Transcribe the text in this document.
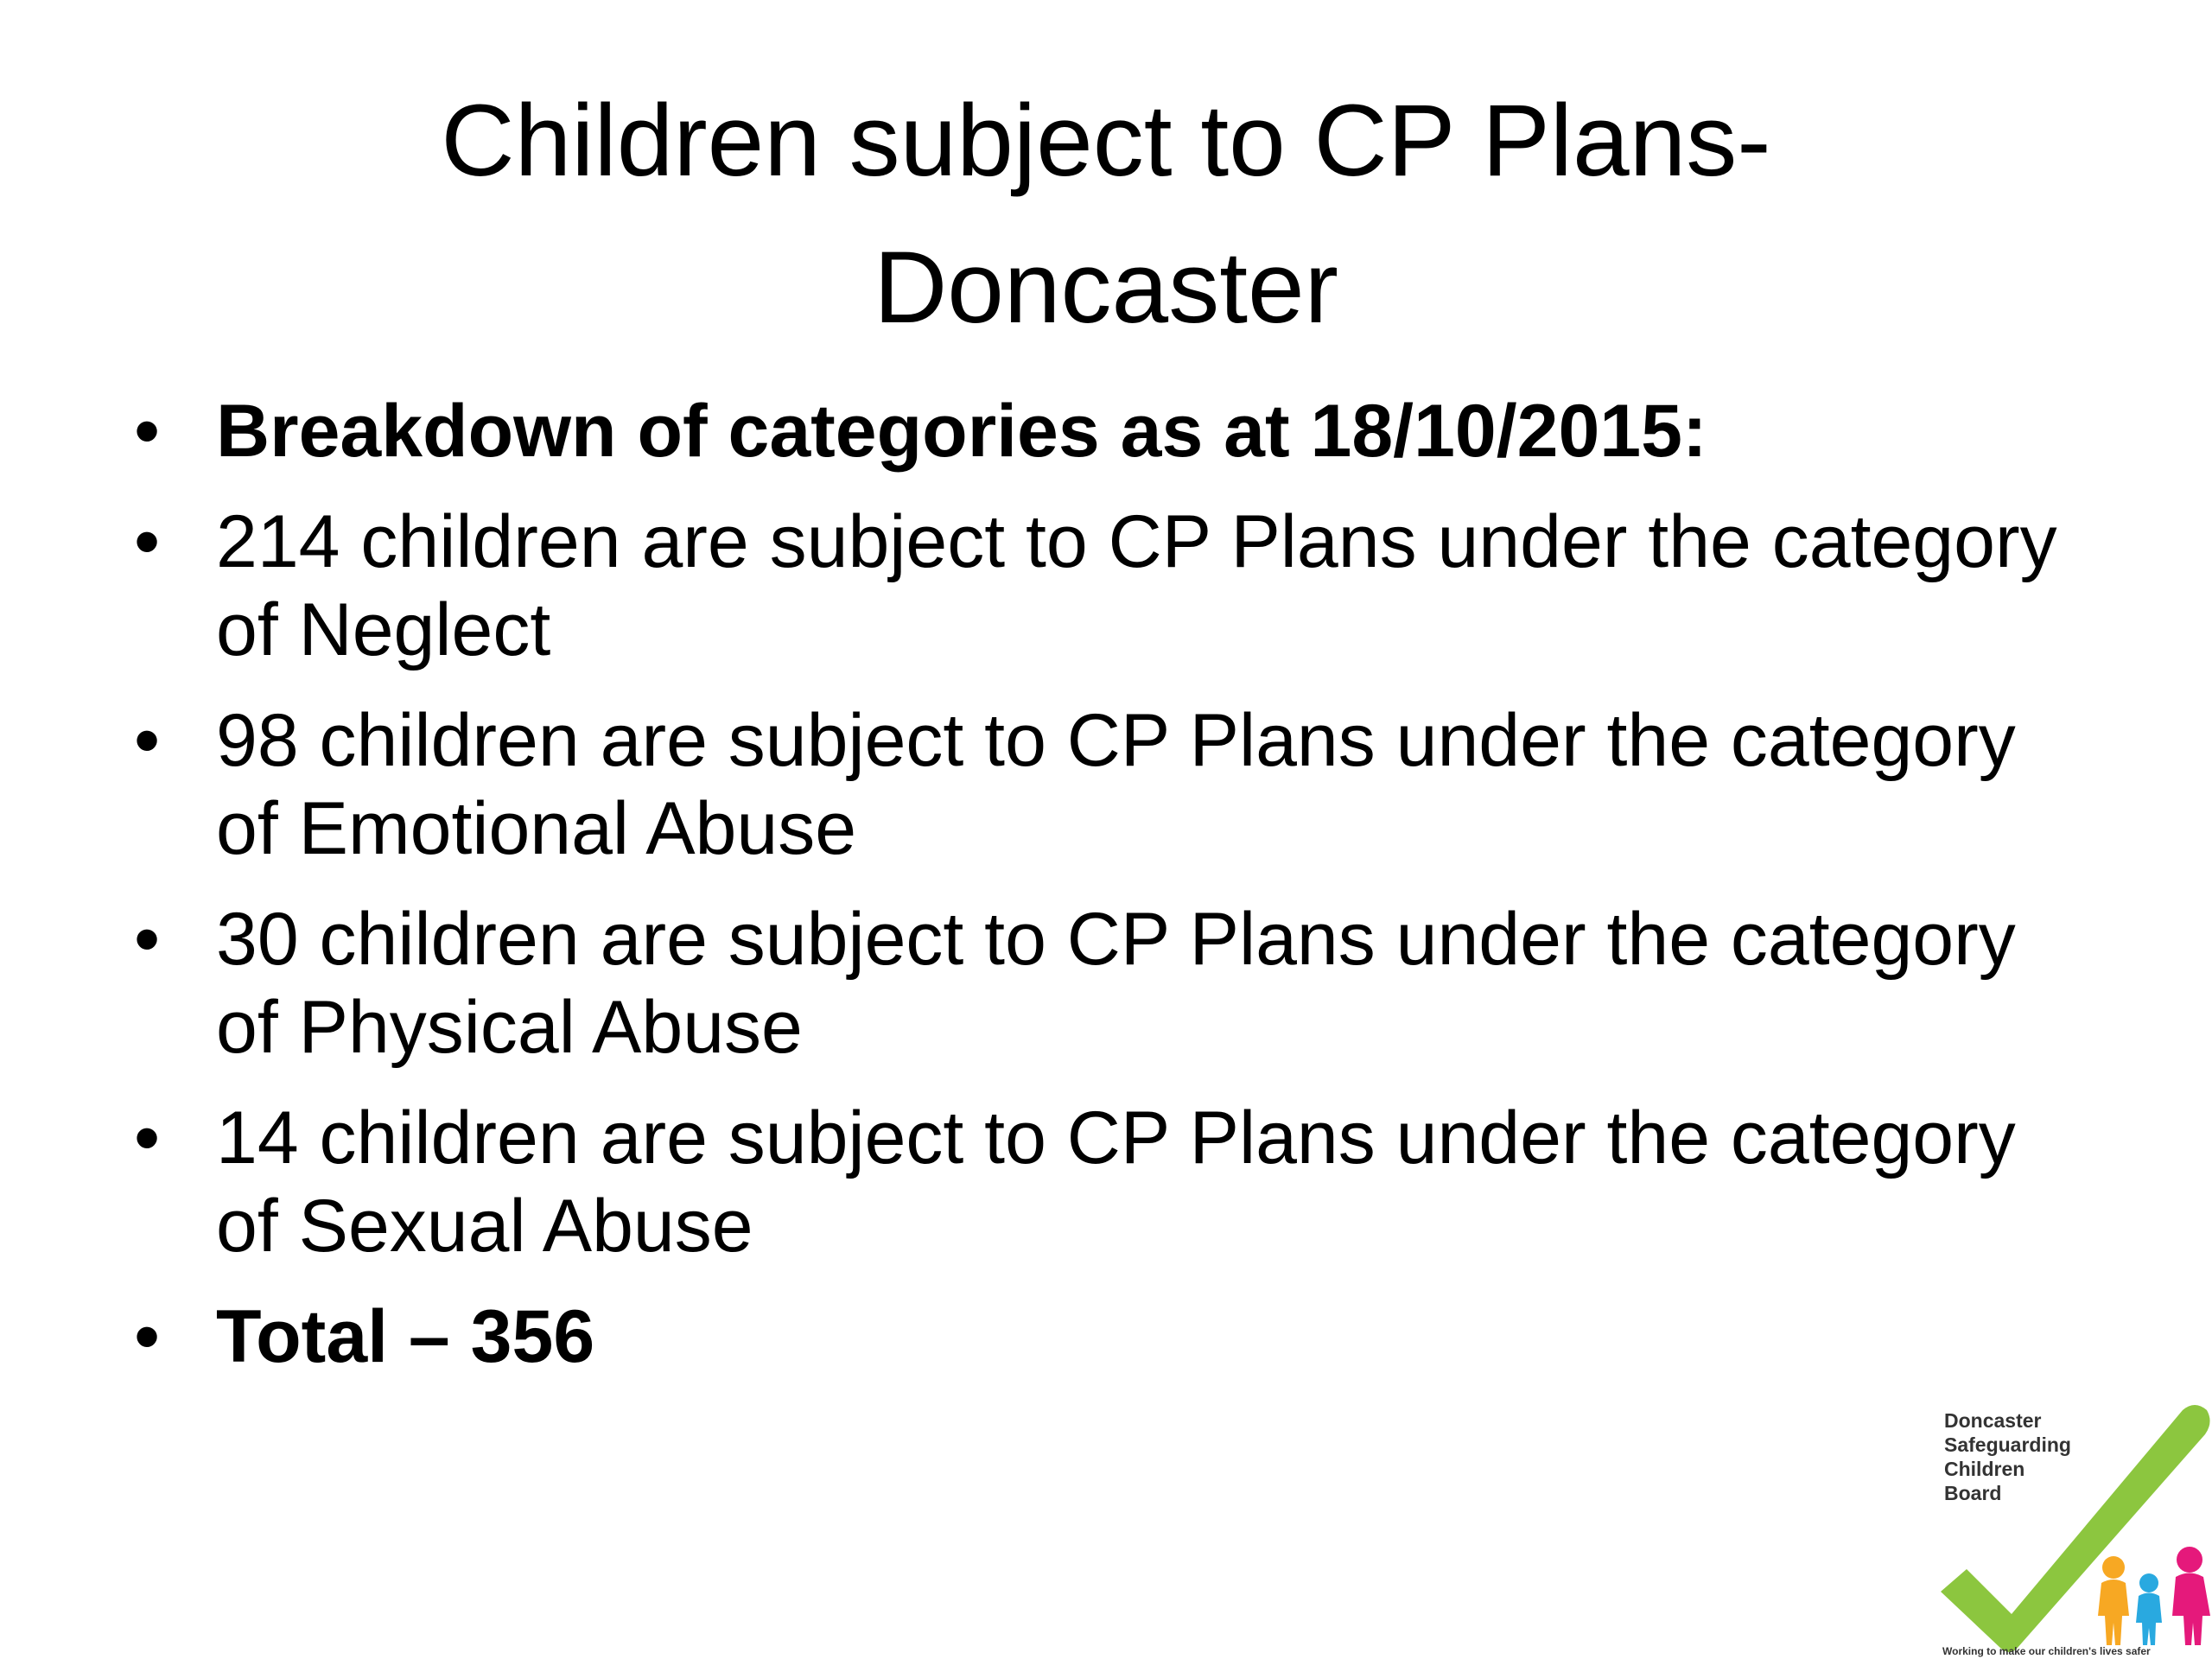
Children subject to CP Plans-
Doncaster
• Breakdown of categories as at 18/10/2015:
• 214 children are subject to CP Plans under the category of Neglect
• 98 children are subject to CP Plans under the category of Emotional Abuse
• 30 children are subject to CP Plans under the category of Physical Abuse
• 14 children are subject to CP Plans under the category of Sexual Abuse
• Total – 356
Doncaster
Safeguarding
Children
Board
Working to make our children's lives safer
